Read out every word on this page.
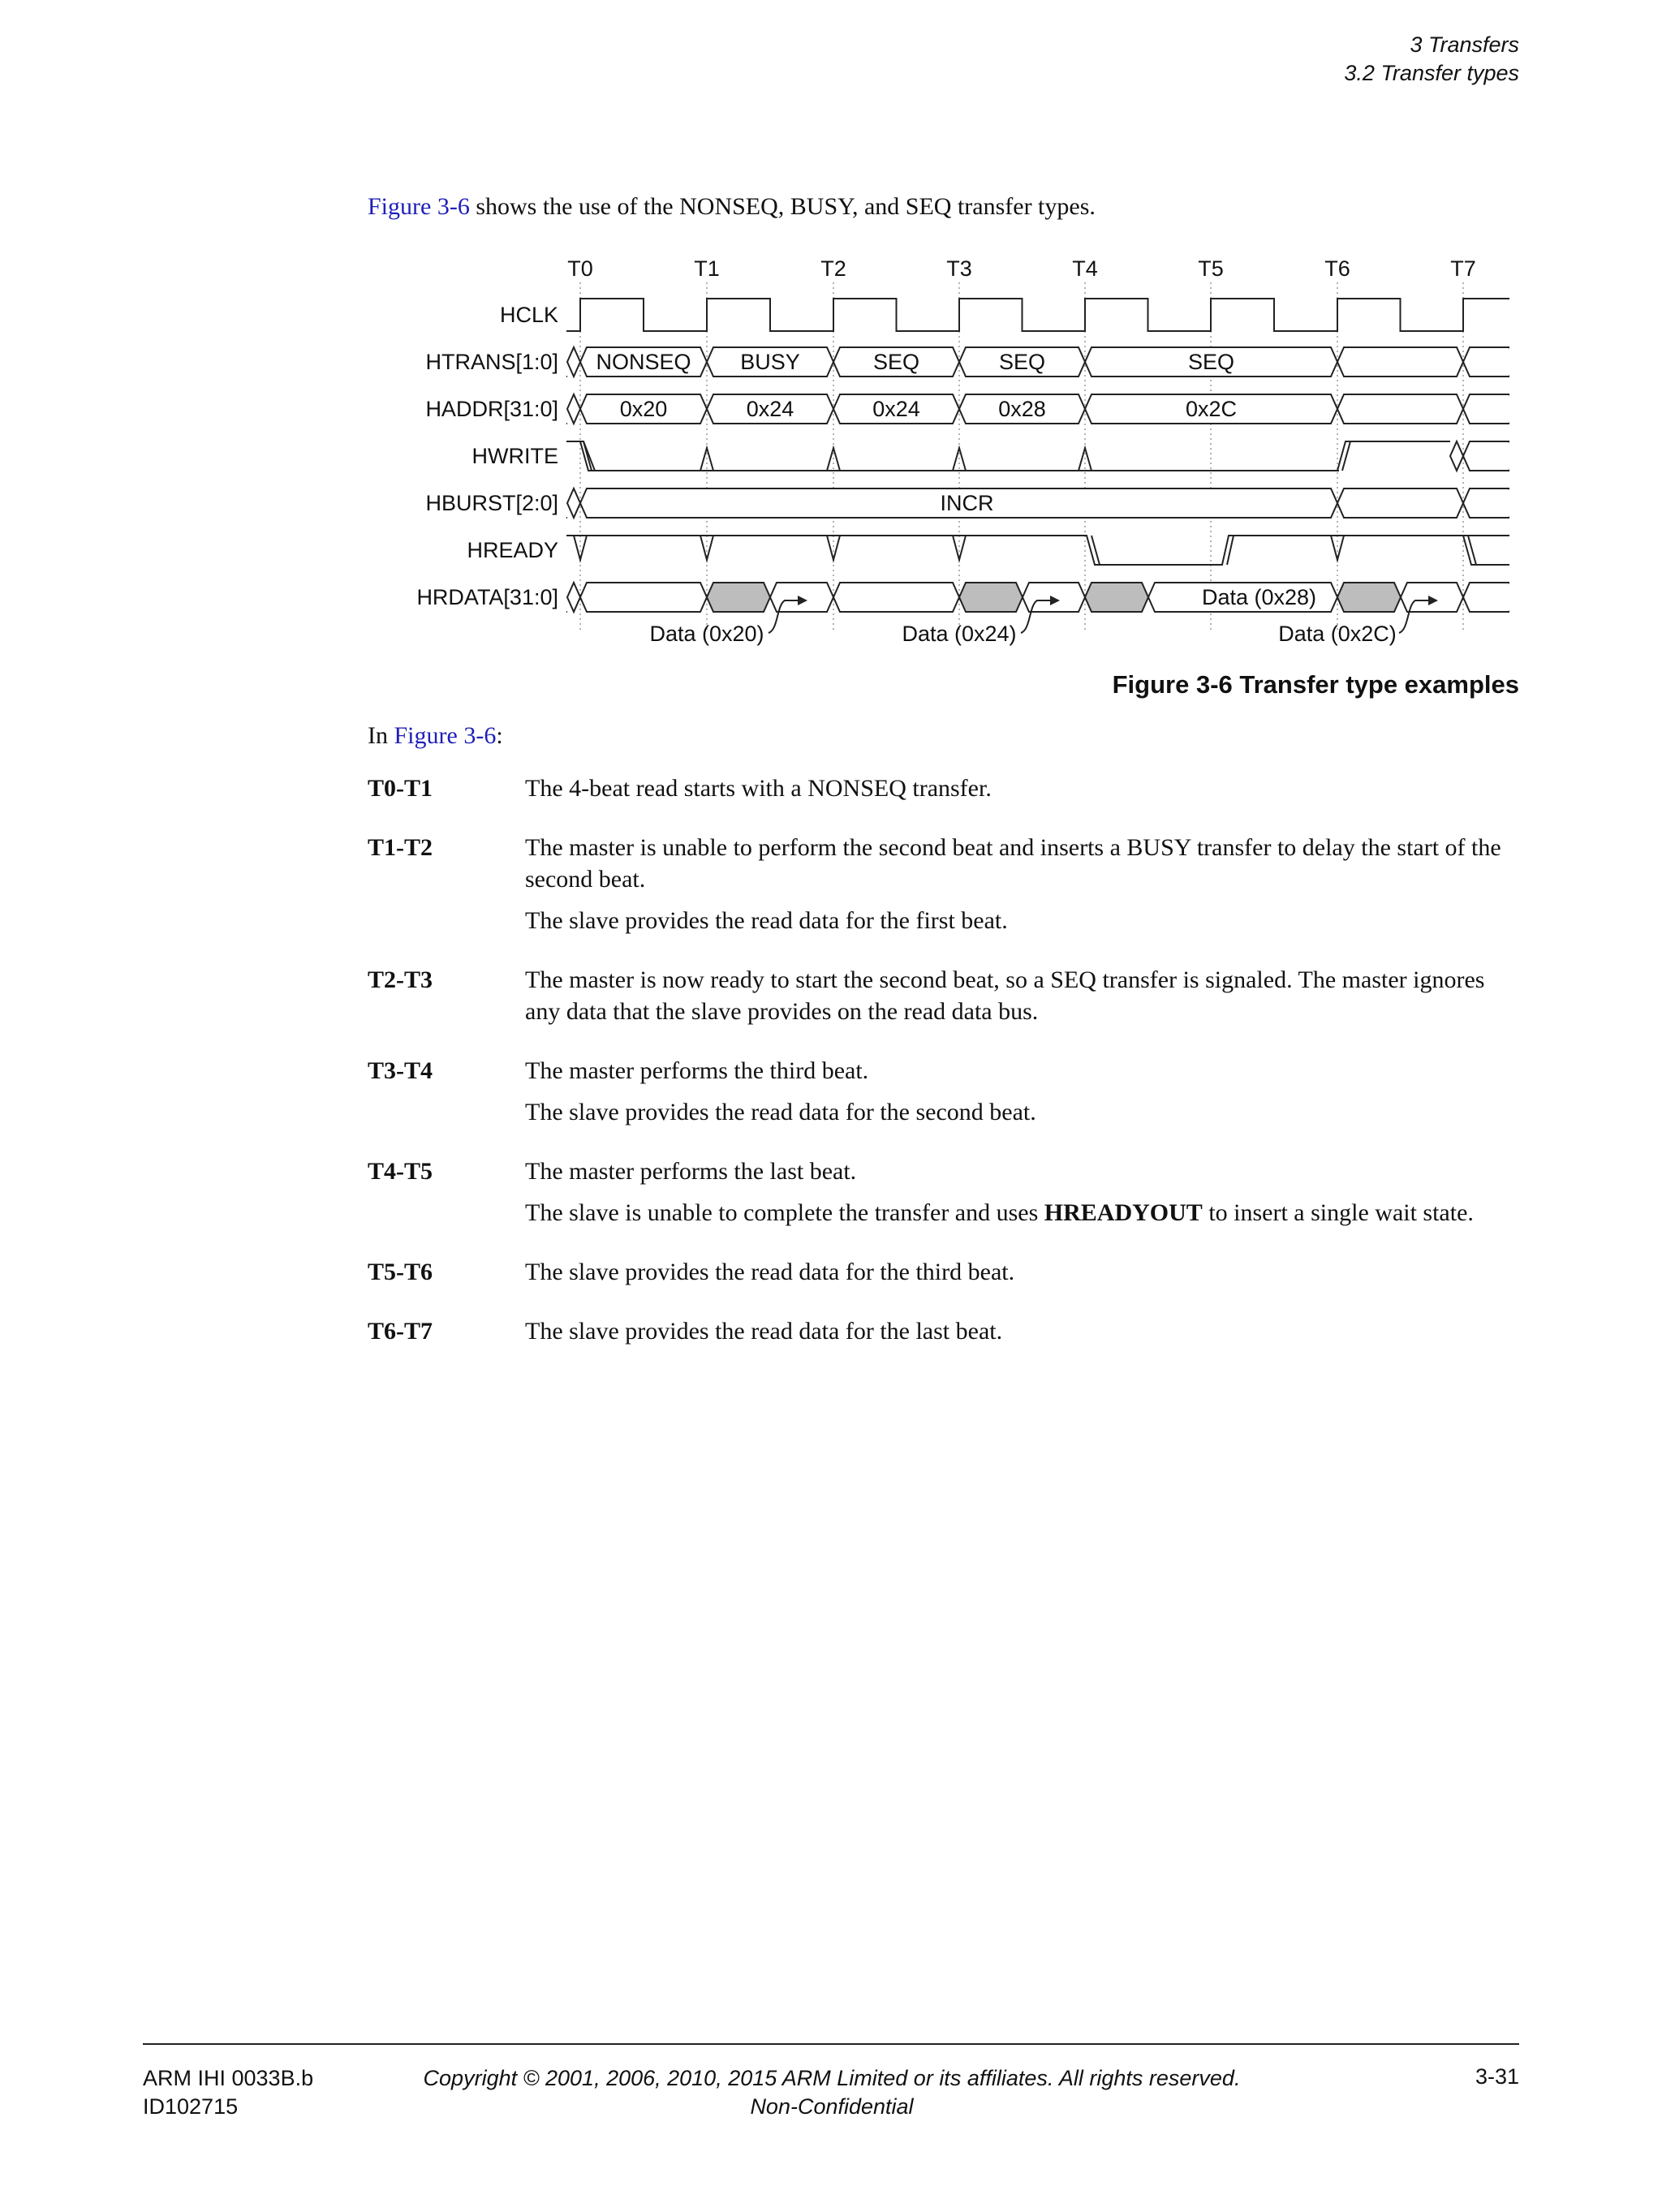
3 Transfers
3.2 Transfer types
Figure 3-6 shows the use of the NONSEQ, BUSY, and SEQ transfer types.
T0	T1	T2	T3	T4	T5	T6	T7
HCLK
HTRANS[1:0]
HADDR[31:0]
HWRITE
HBURST[2:0]
HREADY
HRDATA[31:0]
NONSEQ BUSY	SEQ	SEQ	SEQ
0x20	0x24	0x24	0x28	0x2C
INCR
Data (0x28)
Data (0x20)	Data (0x24)	Data (0x2C)
Figure 3-6 Transfer type examples
In Figure 3-6:
T0-T1	The 4-beat read starts with a NONSEQ transfer.

T1-T2	The master is unable to perform the second beat and inserts a BUSY transfer to delay the start of the second beat.

The slave provides the read data for the first beat.

T2-T3	The master is now ready to start the second beat, so a SEQ transfer is signaled. The master ignores any data that the slave provides on the read data bus.

T3-T4	The master performs the third beat.

The slave provides the read data for the second beat.

T4-T5	The master performs the last beat.

The slave is unable to complete the transfer and uses HREADYOUT to insert a single wait state.

T5-T6	The slave provides the read data for the third beat.

T6-T7	The slave provides the read data for the last beat.

ARM IHI 0033B.b
ID102715
Copyright © 2001, 2006, 2010, 2015 ARM Limited or its affiliates. All rights reserved.
Non-Confidential
3-31
